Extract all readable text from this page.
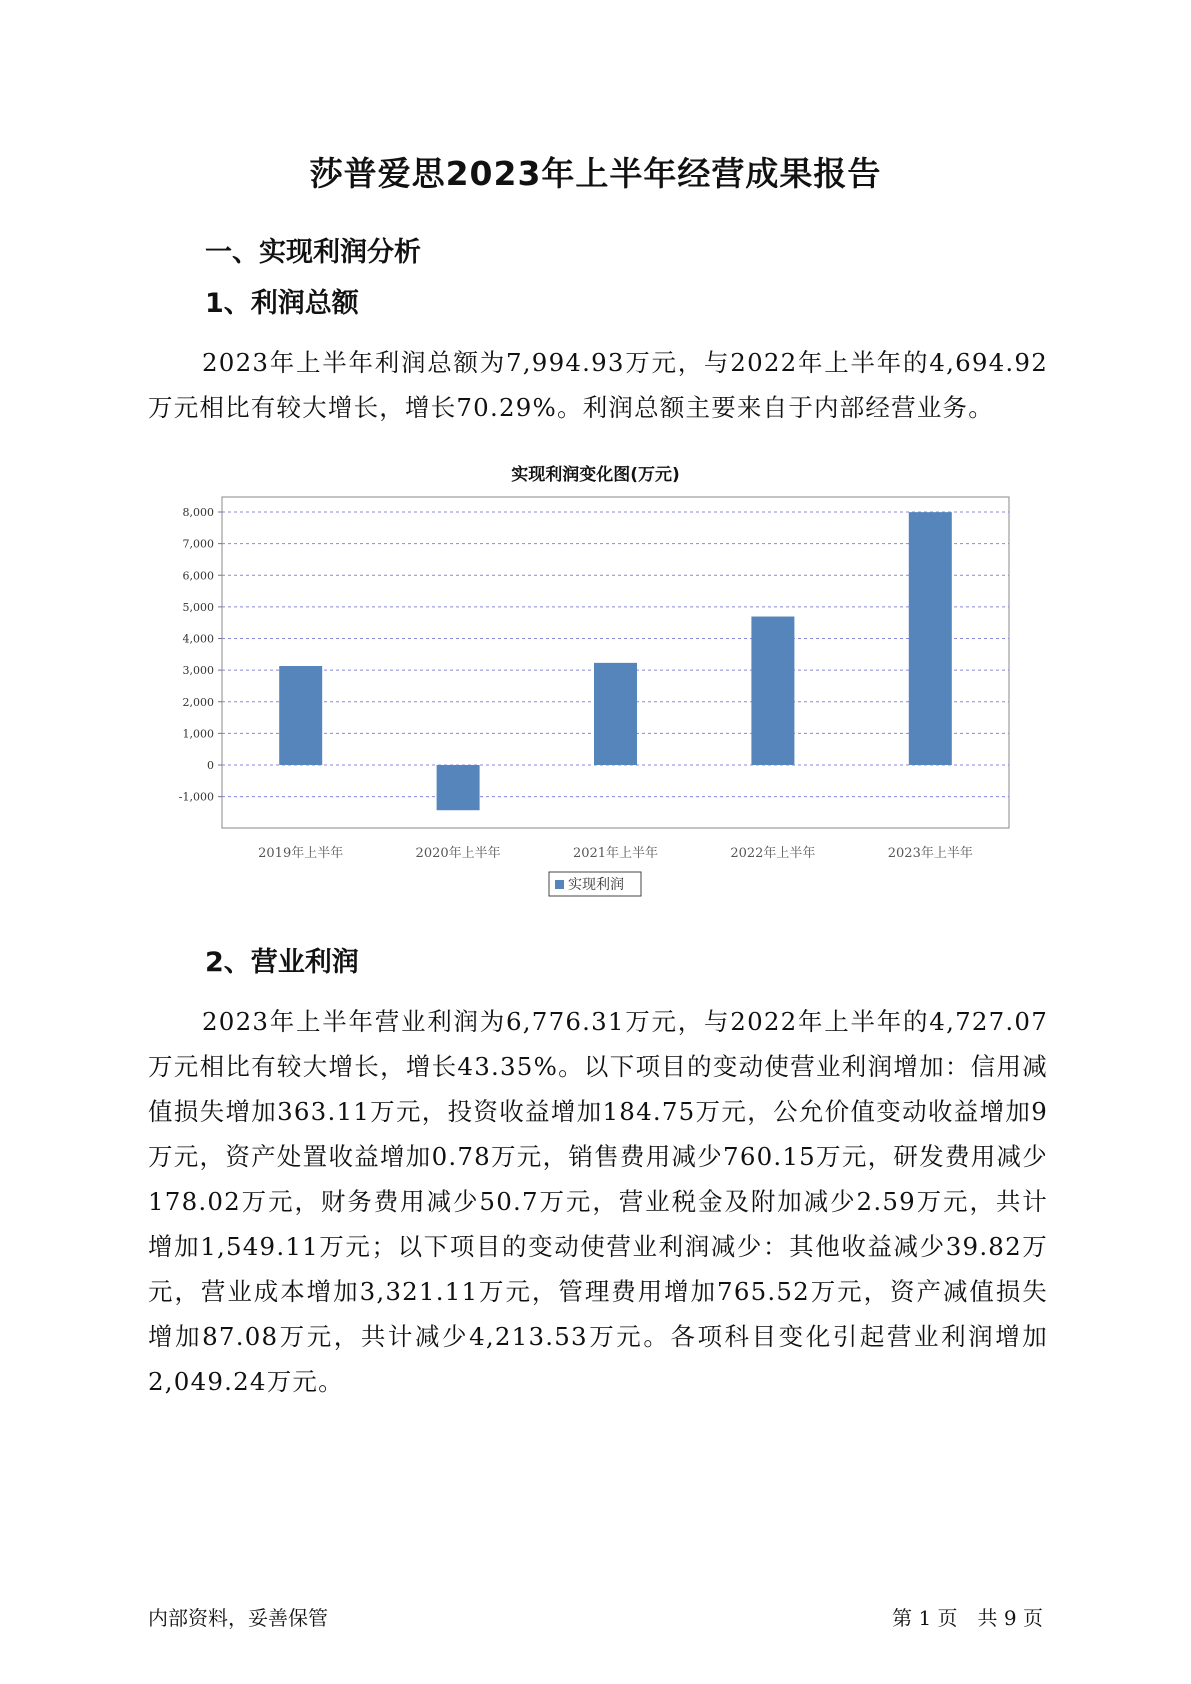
莎普爱思2023年上半年经营成果报告
一、实现利润分析
1、利润总额

2023年上半年利润总额为7,994.93万元，与2022年上半年的4,694.92万元相比有较大增长，增长70.29%。利润总额主要来自于内部经营业务。

实现利润变化图(万元)
-1,000
0
1,000
2,000
3,000
4,000
5,000
6,000
7,000
8,000
2019年上半年	2020年上半年	2021年上半年	2022年上半年	2023年上半年
实现利润
2、营业利润

2023年上半年营业利润为6,776.31万元，与2022年上半年的4,727.07万元相比有较大增长，增长43.35%。以下项目的变动使营业利润增加：信用减值损失增加363.11万元，投资收益增加184.75万元，公允价值变动收益增加9万元，资产处置收益增加0.78万元，销售费用减少760.15万元，研发费用减少178.02万元，财务费用减少50.7万元，营业税金及附加减少2.59万元，共计增加1,549.11万元；以下项目的变动使营业利润减少：其他收益减少39.82万元，营业成本增加3,321.11万元，管理费用增加765.52万元，资产减值损失增加87.08万元，共计减少4,213.53万元。各项科目变化引起营业利润增加2,049.24万元。

内部资料，妥善保管	第 1 页　共 9 页
